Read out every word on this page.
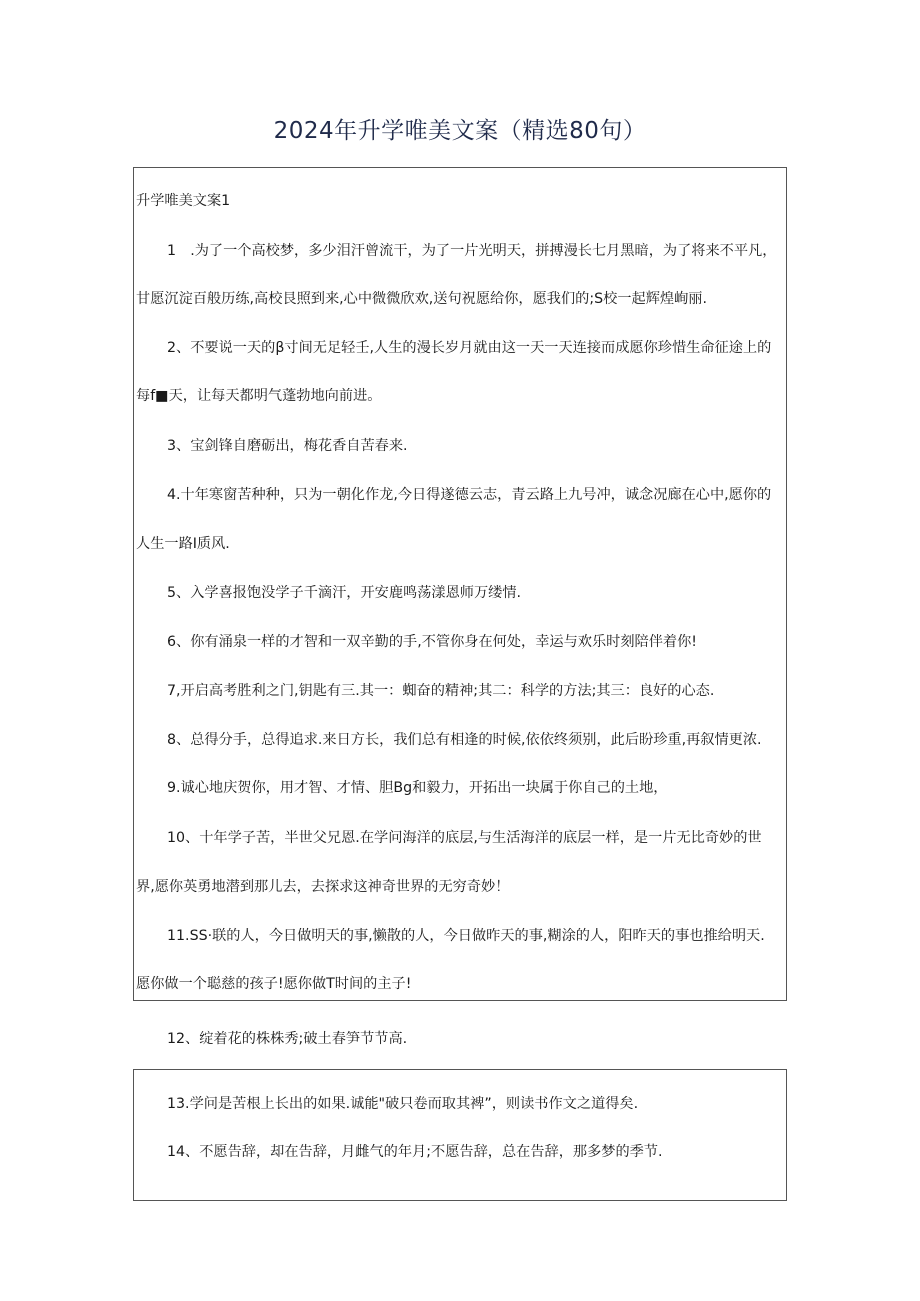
2024年升学唯美文案（精选80句）
升学唯美文案1
1　.为了一个高校梦，多少泪汗曾流干，为了一片光明天，拼搏漫长七月黑暗，为了将来不平凡，
甘愿沉淀百般历练,高校艮照到来,心中微微欣欢,送句祝愿给你，愿我们的;S校一起辉煌峋丽.
2、不要说一天的β寸间无足轻壬,人生的漫长岁月就由这一天一天连接而成愿你珍惜生命征途上的
每f■天，让每天都明气蓬勃地向前进。
3、宝剑锋自磨砺出，梅花香自苦春来.
4.十年寒窗苦种种，只为一朝化作龙,今日得遂德云志，青云路上九号冲，诚念况廊在心中,愿你的
人生一路I质风.
5、入学喜报饱没学子千滴汗，开安鹿鸣荡漾恩师万缕情.
6、你有涌泉一样的才智和一双辛勤的手,不管你身在何处，幸运与欢乐时刻陪伴着你!
7,开启高考胜利之门,钥匙有三.其一：蜘奋的精神;其二：科学的方法;其三：良好的心态.
8、总得分手，总得追求.来日方长，我们总有相逢的时候,依依终须别，此后盼珍重,再叙情更浓.
9.诚心地庆贺你，用才智、才情、胆Bg和毅力，开拓出一块属于你自己的土地，
10、十年学子苦，半世父兄恩.在学问海洋的底层,与生活海洋的底层一样，是一片无比奇妙的世
界,愿你英勇地潜到那儿去，去探求这神奇世界的无穷奇妙！
11.SS·联的人，今日做明天的事,懒散的人，今日做昨天的事,糊涂的人，阳昨天的事也推给明天.
愿你做一个聪慈的孩子!愿你做T时间的主子!
12、绽着花的株株秀;破土春笋节节高.
13.学问是苦根上长出的如果.诚能"破只卷而取其裨”，则读书作文之道得矣.
14、不愿告辞，却在告辞，月雌气的年月;不愿告辞，总在告辞，那多梦的季节.
